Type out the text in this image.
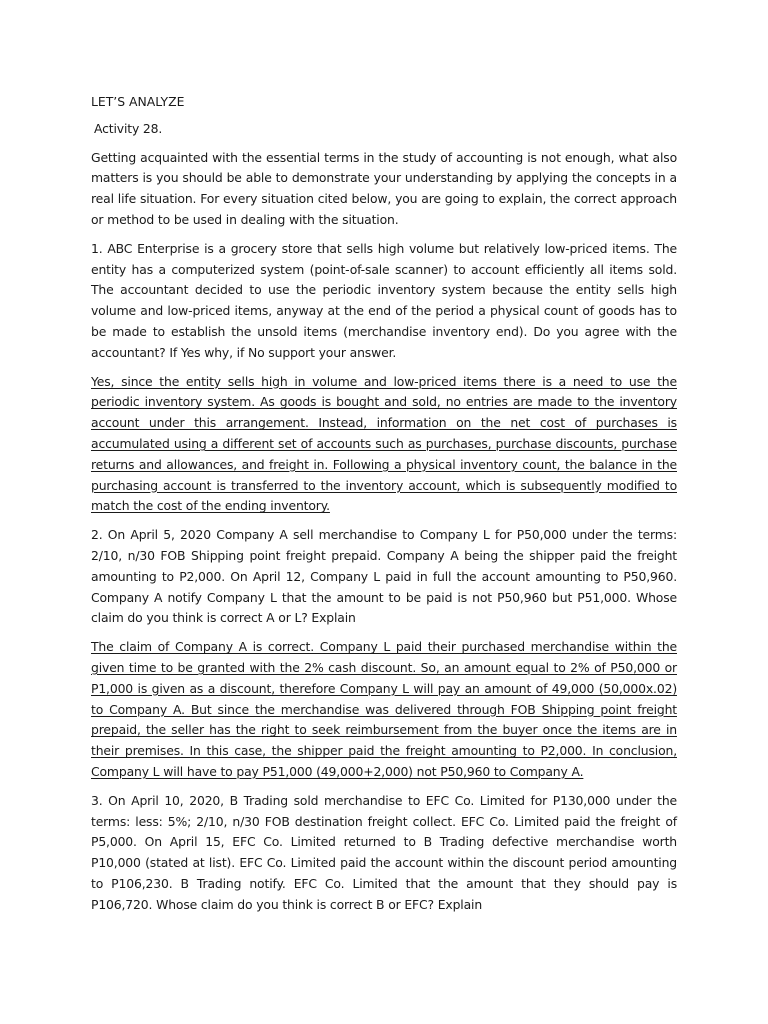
LET’S ANALYZE

Activity 28.

Getting acquainted with the essential terms in the study of accounting is not enough, what also matters is you should be able to demonstrate your understanding by applying the concepts in a real life situation. For every situation cited below, you are going to explain, the correct approach or method to be used in dealing with the situation.

1. ABC Enterprise is a grocery store that sells high volume but relatively low-priced items. The entity has a computerized system (point-of-sale scanner) to account efficiently all items sold. The accountant decided to use the periodic inventory system because the entity sells high volume and low-priced items, anyway at the end of the period a physical count of goods has to be made to establish the unsold items (merchandise inventory end). Do you agree with the accountant? If Yes why, if No support your answer.

Yes, since the entity sells high in volume and low-priced items there is a need to use the periodic inventory system. As goods is bought and sold, no entries are made to the inventory account under this arrangement. Instead, information on the net cost of purchases is accumulated using a different set of accounts such as purchases, purchase discounts, purchase returns and allowances, and freight in. Following a physical inventory count, the balance in the purchasing account is transferred to the inventory account, which is subsequently modified to match the cost of the ending inventory.

2. On April 5, 2020 Company A sell merchandise to Company L for P50,000 under the terms: 2/10, n/30 FOB Shipping point freight prepaid. Company A being the shipper paid the freight amounting to P2,000. On April 12, Company L paid in full the account amounting to P50,960. Company A notify Company L that the amount to be paid is not P50,960 but P51,000. Whose claim do you think is correct A or L? Explain

The claim of Company A is correct. Company L paid their purchased merchandise within the given time to be granted with the 2% cash discount. So, an amount equal to 2% of P50,000 or P1,000 is given as a discount, therefore Company L will pay an amount of 49,000 (50,000x.02) to Company A. But since the merchandise was delivered through FOB Shipping point freight prepaid, the seller has the right to seek reimbursement from the buyer once the items are in their premises. In this case, the shipper paid the freight amounting to P2,000. In conclusion, Company L will have to pay P51,000 (49,000+2,000) not P50,960 to Company A.

3. On April 10, 2020, B Trading sold merchandise to EFC Co. Limited for P130,000 under the terms: less: 5%; 2/10, n/30 FOB destination freight collect. EFC Co. Limited paid the freight of P5,000. On April 15, EFC Co. Limited returned to B Trading defective merchandise worth P10,000 (stated at list). EFC Co. Limited paid the account within the discount period amounting to P106,230. B Trading notify. EFC Co. Limited that the amount that they should pay is P106,720. Whose claim do you think is correct B or EFC? Explain
